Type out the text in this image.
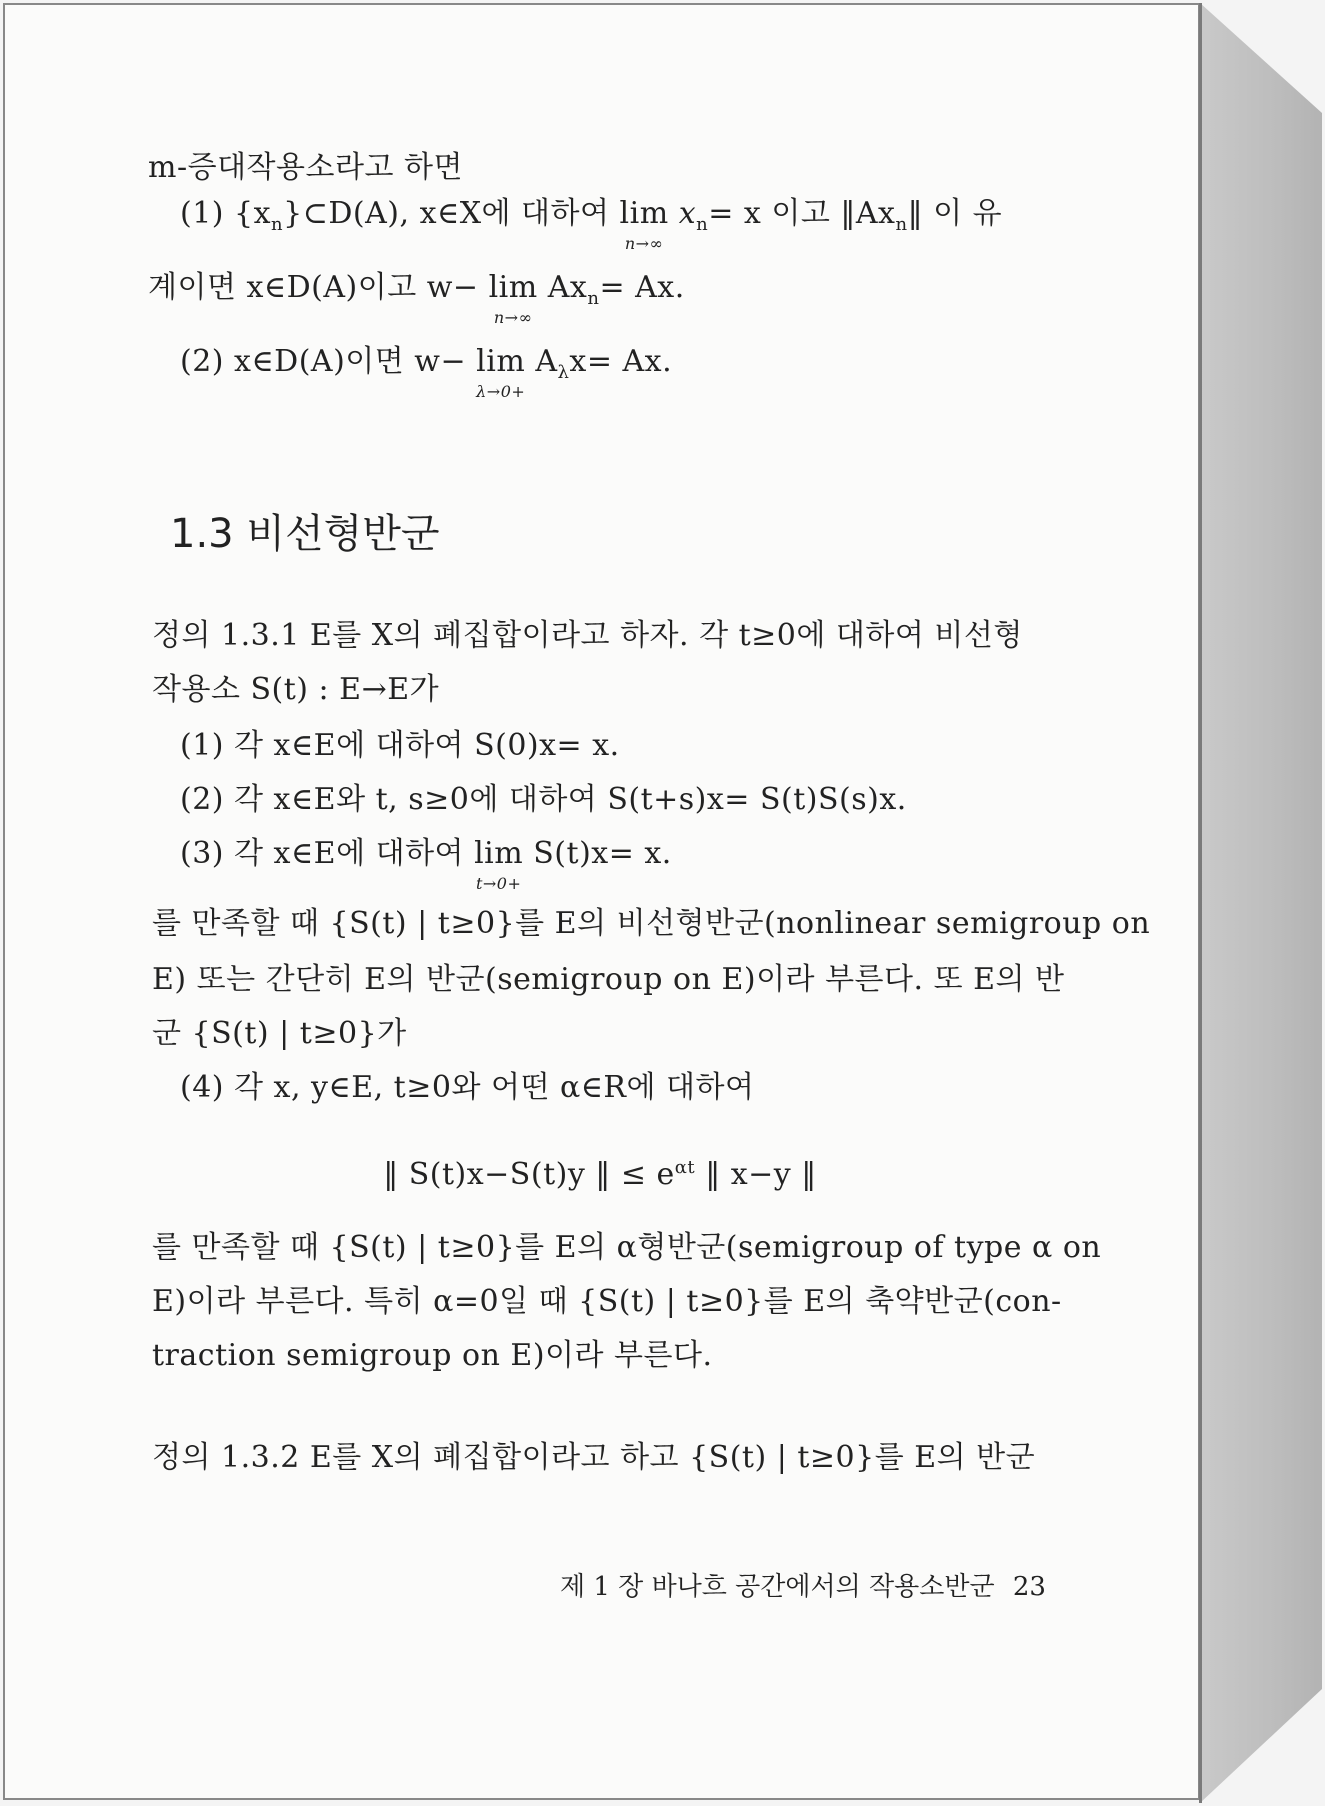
m-증대작용소라고 하면
(1) $\{x_n\}\subset D(A)$, x∈X에 대하여 lim
n→∞
$x_n= x$ 이고 $‖Ax_n‖$ 이 유
계이면 x∈D(A)이고 w− lim
n→∞
$Ax_n= Ax$.
(2) x∈D(A)이면 w− lim
λ→0+
$A_\lambda x= Ax$.
1.3 비선형반군
정의 1.3.1 E를 X의 폐집합이라고 하자. 각 t≥0에 대하여 비선형
작용소 S(t) : E→E가
(1) 각 x∈E에 대하여 S(0)x= x.
(2) 각 x∈E와 t, s≥0에 대하여 S(t+s)x= S(t)S(s)x.
(3) 각 x∈E에 대하여 lim
t→0+
S(t)x= x.
를 만족할 때 {S(t) | t≥0}를 E의 비선형반군(nonlinear semigroup on
E) 또는 간단히 E의 반군(semigroup on E)이라 부른다. 또 E의 반
군 {S(t) | t≥0}가
(4) 각 x, y∈E, t≥0와 어떤 α∈R에 대하여
‖ S(t)x−S(t)y ‖ ≤ $e^{\alpha t}$ ‖ x−y ‖
를 만족할 때 {S(t) | t≥0}를 E의 α형반군(semigroup of type α on
E)이라 부른다. 특히 α=0일 때 {S(t) | t≥0}를 E의 축약반군(con-
traction semigroup on E)이라 부른다.
정의 1.3.2 E를 X의 폐집합이라고 하고 {S(t) | t≥0}를 E의 반군
제 1 장 바나흐 공간에서의 작용소반군 23
